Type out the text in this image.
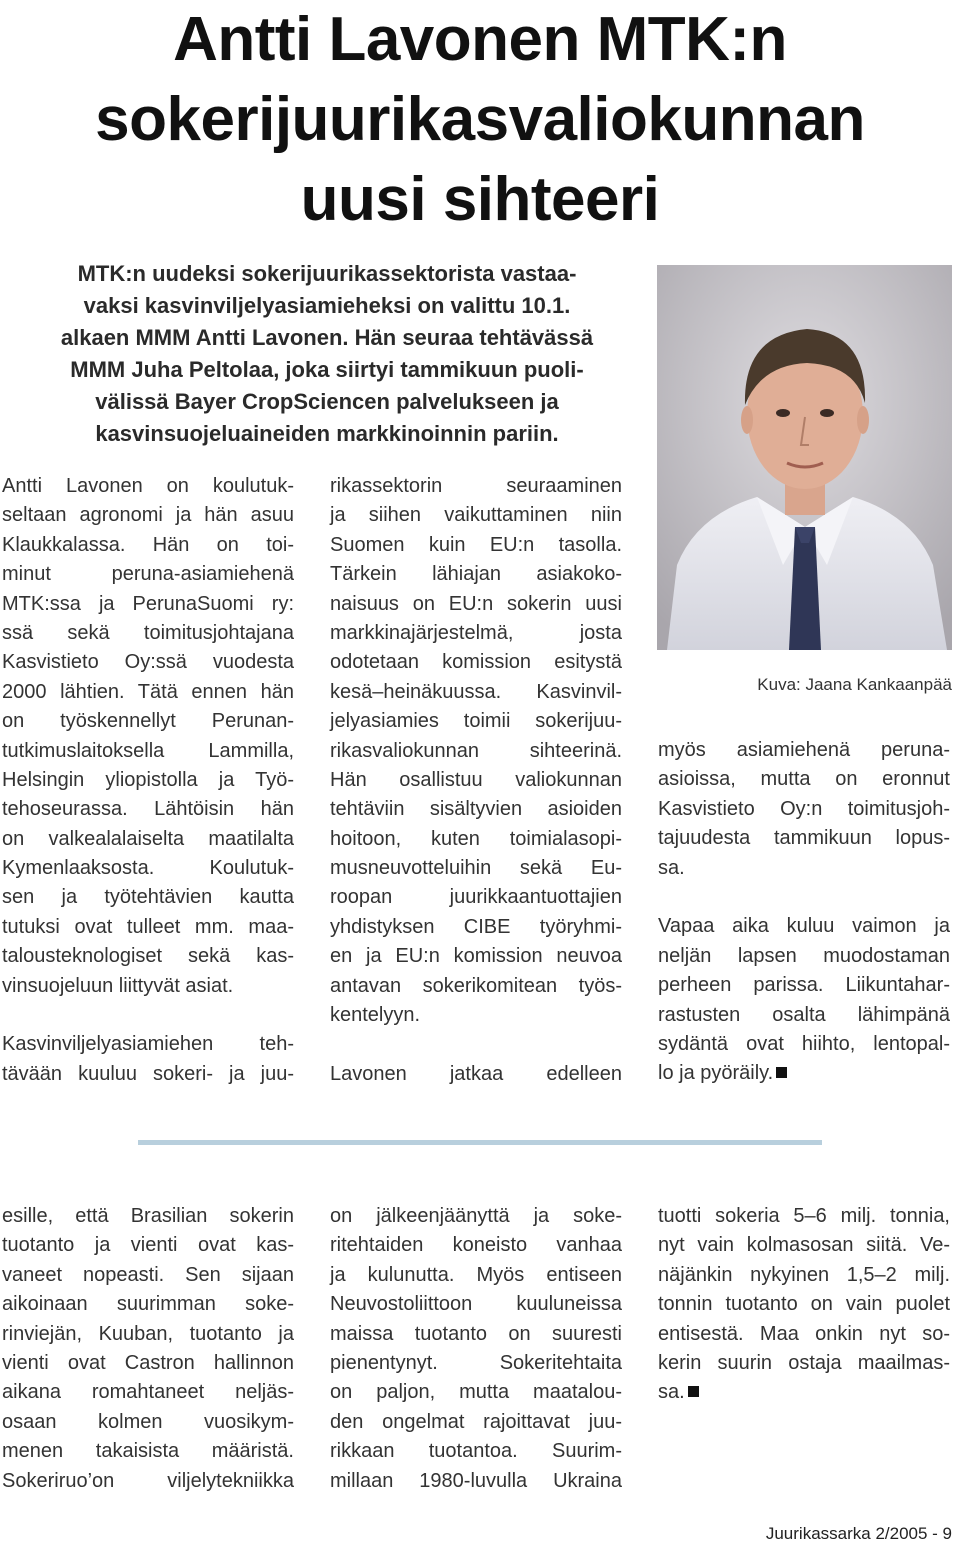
Antti Lavonen MTK:n
sokerijuurikasvaliokunnan
uusi sihteeri

MTK:n uudeksi sokerijuurikassektorista vastaa-
vaksi kasvinviljelyasiamieheksi on valittu 10.1.
alkaen MMM Antti Lavonen. Hän seuraa tehtävässä
MMM Juha Peltolaa, joka siirtyi tammikuun puoli-
välissä Bayer CropSciencen palvelukseen ja
kasvinsuojeluaineiden markkinoinnin pariin.

Antti Lavonen on koulutuk-
seltaan agronomi ja hän asuu
Klaukkalassa. Hän on toi-
minut peruna-asiamiehenä
MTK:ssa ja PerunaSuomi ry:
ssä sekä toimitusjohtajana
Kasvistieto Oy:ssä vuodesta
2000 lähtien. Tätä ennen hän
on työskennellyt Perunan-
tutkimuslaitoksella Lammilla,
Helsingin yliopistolla ja Työ-
tehoseurassa. Lähtöisin hän
on valkealalaiselta maatilalta
Kymenlaaksosta. Koulutuk-
sen ja työtehtävien kautta
tutuksi ovat tulleet mm. maa-
talousteknologiset sekä kas-
vinsuojeluun liittyvät asiat.
Kasvinviljelyasiamiehen teh-
tävään kuuluu sokeri- ja juu-
rikassektorin seuraaminen
ja siihen vaikuttaminen niin
Suomen kuin EU:n tasolla.
Tärkein lähiajan asiakoko-
naisuus on EU:n sokerin uusi
markkinajärjestelmä, josta
odotetaan komission esitystä
kesä–heinäkuussa. Kasvinvil-
jelyasiamies toimii sokerijuu-
rikasvaliokunnan sihteerinä.
Hän osallistuu valiokunnan
tehtäviin sisältyvien asioiden
hoitoon, kuten toimialasopi-
musneuvotteluihin sekä Eu-
roopan juurikkaantuottajien
yhdistyksen CIBE työryhmi-
en ja EU:n komission neuvoa
antavan sokerikomitean työs-
kentelyyn.
Lavonen jatkaa edelleen
myös asiamiehenä peruna-
asioissa, mutta on eronnut
Kasvistieto Oy:n toimitusjoh-
tajuudesta tammikuun lopus-
sa.
Vapaa aika kuluu vaimon ja
neljän lapsen muodostaman
perheen parissa. Liikuntahar-
rastusten osalta lähimpänä
sydäntä ovat hiihto, lentopal-
lo ja pyöräily.
Kuva: Jaana Kankaanpää
esille, että Brasilian sokerin
tuotanto ja vienti ovat kas-
vaneet nopeasti. Sen sijaan
aikoinaan suurimman soke-
rinviejän, Kuuban, tuotanto ja
vienti ovat Castron hallinnon
aikana romahtaneet neljäs-
osaan kolmen vuosikym-
menen takaisista määristä.
Sokeriruo’on viljelytekniikka
on jälkeenjäänyttä ja soke-
ritehtaiden koneisto vanhaa
ja kulunutta. Myös entiseen
Neuvostoliittoon kuuluneissa
maissa tuotanto on suuresti
pienentynyt. Sokeritehtaita
on paljon, mutta maatalou-
den ongelmat rajoittavat juu-
rikkaan tuotantoa. Suurim-
millaan 1980-luvulla Ukraina
tuotti sokeria 5–6 milj. tonnia,
nyt vain kolmasosan siitä. Ve-
näjänkin nykyinen 1,5–2 milj.
tonnin tuotanto on vain puolet
entisestä. Maa onkin nyt so-
kerin suurin ostaja maailmas-
sa.
Juurikassarka 2/2005 - 9
